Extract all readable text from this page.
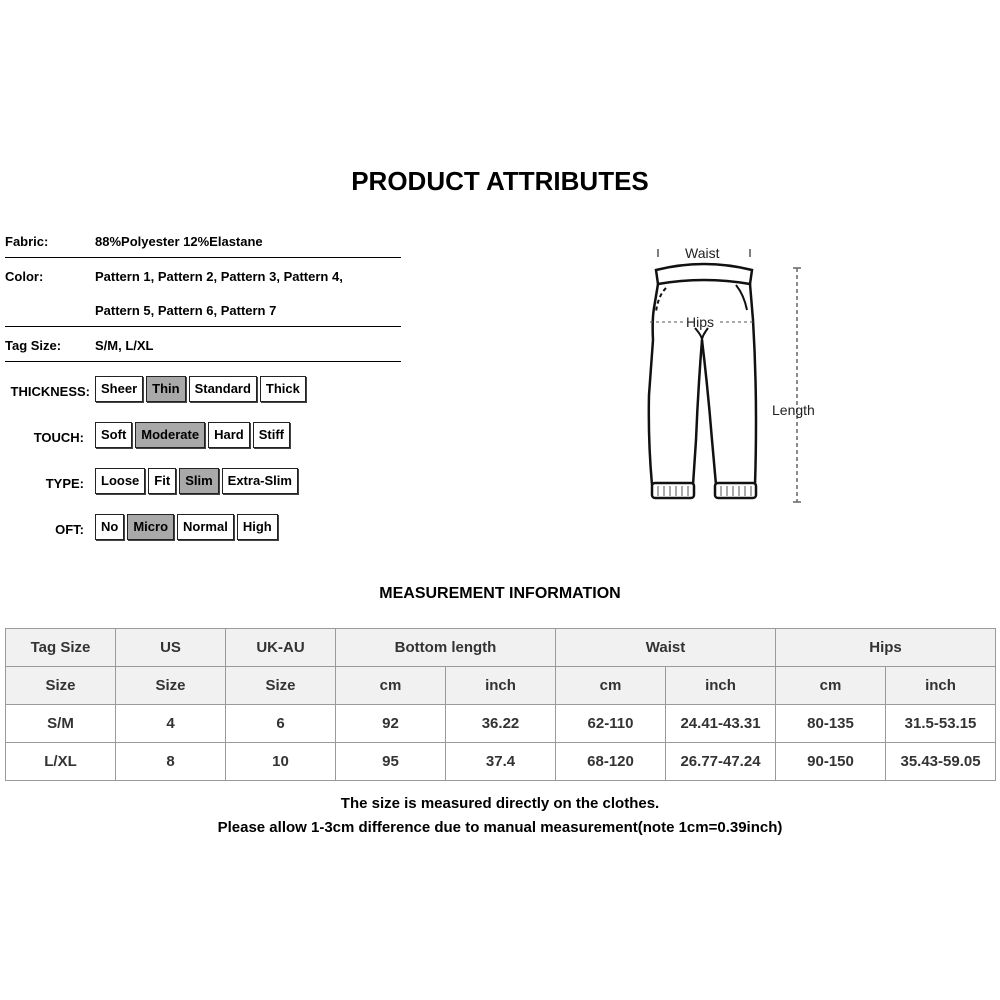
PRODUCT ATTRIBUTES
Fabric:	88%Polyester 12%Elastane
Color:	Pattern 1, Pattern 2, Pattern 3, Pattern 4,
Pattern 5, Pattern 6, Pattern 7
Tag Size:	S/M, L/XL
THICKNESS: Sheer	Thin	Standard	Thick
TOUCH:	Soft	Moderate	Hard	Stiff
TYPE:	Loose	Fit	Slim	Extra-Slim
OFT:	No	Micro	Normal	High
Waist
Hips
Length
MEASUREMENT INFORMATION
Tag Size	US	UK-AU	Bottom length		Waist		Hips	
Size	Size	Size	cm	inch	cm	inch	cm	inch
S/M	4	6	92	36.22	62-110	24.41-43.31	80-135	31.5-53.15
L/XL	8	10	95	37.4	68-120	26.77-47.24	90-150	35.43-59.05
The size is measured directly on the clothes.
Please allow 1-3cm difference due to manual measurement(note 1cm=0.39inch)
